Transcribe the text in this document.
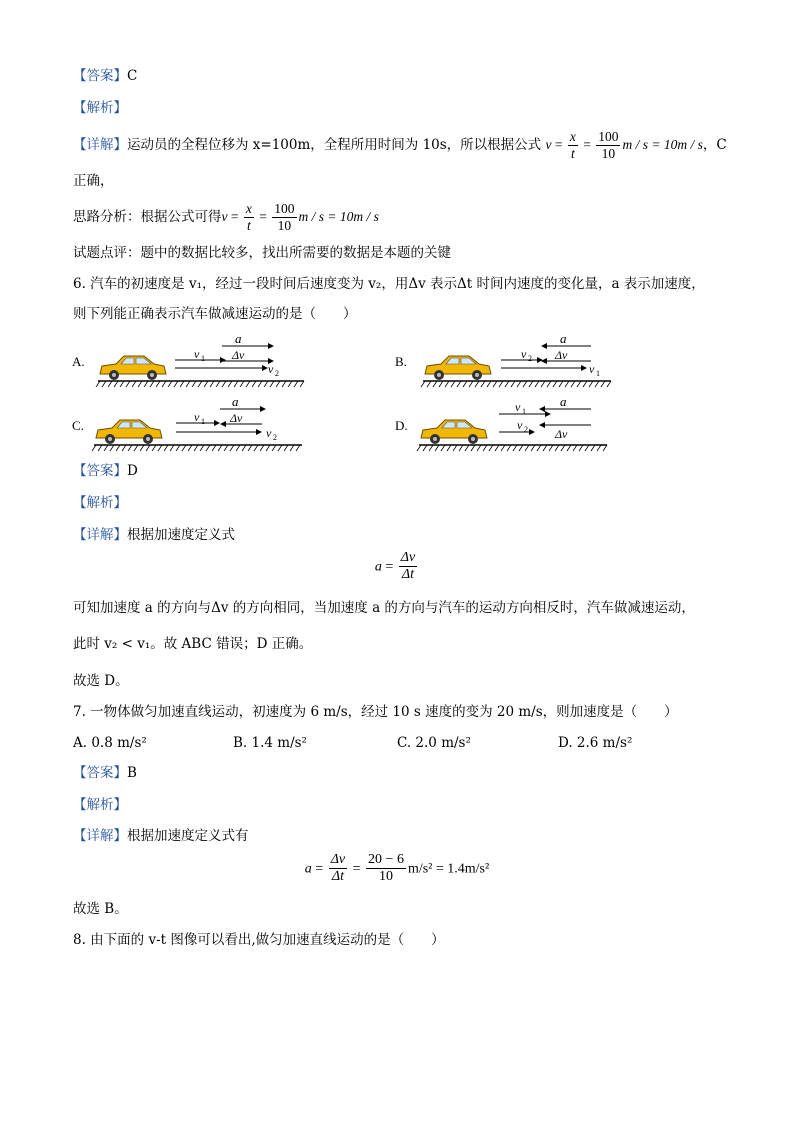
【答案】C
【解析】
【详解】运动员的全程位移为 x=100m，全程所用时间为 10s，所以根据公式 $v = \frac{x}{t} = \frac{100}{10}$ m / s = 10m / s，C
正确，
思路分析：根据公式可得$v = \frac{x}{t} = \frac{100}{10}$ m / s = 10m / s
试题点评：题中的数据比较多，找出所需要的数据是本题的关键
6. 汽车的初速度是 v₁，经过一段时间后速度变为 v₂，用Δv 表示Δt 时间内速度的变化量，a 表示加速度，
则下列能正确表示汽车做减速运动的是（　　）
A.
a
v 1 Δv
v 2
B.
a
v 2 Δv
v 1
C.
a
v 1 Δv
v 2
D.
v 1
a
v 2 Δv
【答案】D
【解析】
【详解】根据加速度定义式
$a = \frac{\Delta v}{\Delta t}$
可知加速度 a 的方向与Δv 的方向相同，当加速度 a 的方向与汽车的运动方向相反时，汽车做减速运动，
此时 v₂ < v₁。故 ABC 错误；D 正确。
故选 D。
7. 一物体做匀加速直线运动，初速度为 6 m/s，经过 10 s 速度的变为 20 m/s，则加速度是（　　）
A. 0.8 m/s²	B. 1.4 m/s²	C. 2.0 m/s²	D. 2.6 m/s²
【答案】B
【解析】
【详解】根据加速度定义式有
$a = \frac{\Delta v}{\Delta t} = \frac{20 - 6}{10} m/s^2 = 1.4m/s^2$
故选 B。
8. 由下面的 v-t 图像可以看出,做匀加速直线运动的是（　　）
